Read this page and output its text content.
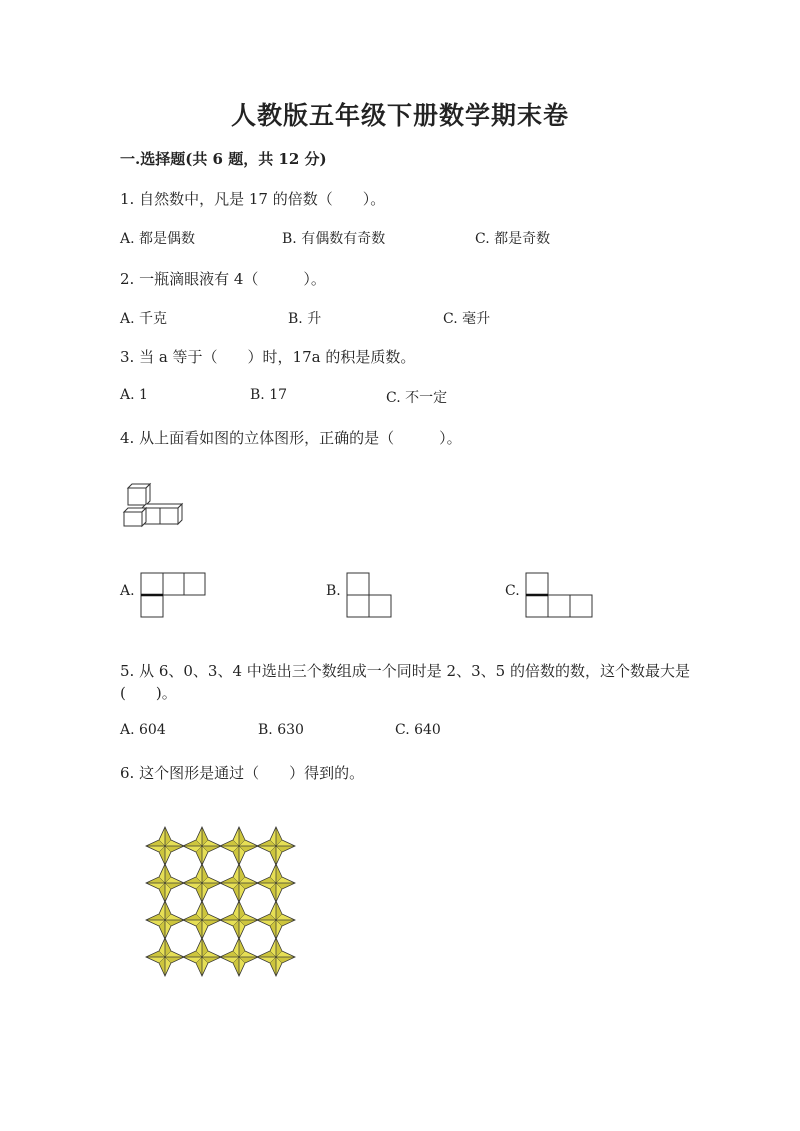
人教版五年级下册数学期末卷
一.选择题(共 6 题，共 12 分)
1. 自然数中，凡是 17 的倍数（　　）。
A. 都是偶数	B. 有偶数有奇数	C. 都是奇数
2. 一瓶滴眼液有 4（　　　）。
A. 千克	B. 升	C. 毫升
3. 当 a 等于（　　）时，17a 的积是质数。
A. 1	B. 17	C. 不一定
4. 从上面看如图的立体图形，正确的是（　　　）。
A.	B.	C.
5. 从 6、0、3、4 中选出三个数组成一个同时是 2、3、5 的倍数的数，这个数最大是(　　)。
A. 604	B. 630	C. 640
6. 这个图形是通过（　　）得到的。
